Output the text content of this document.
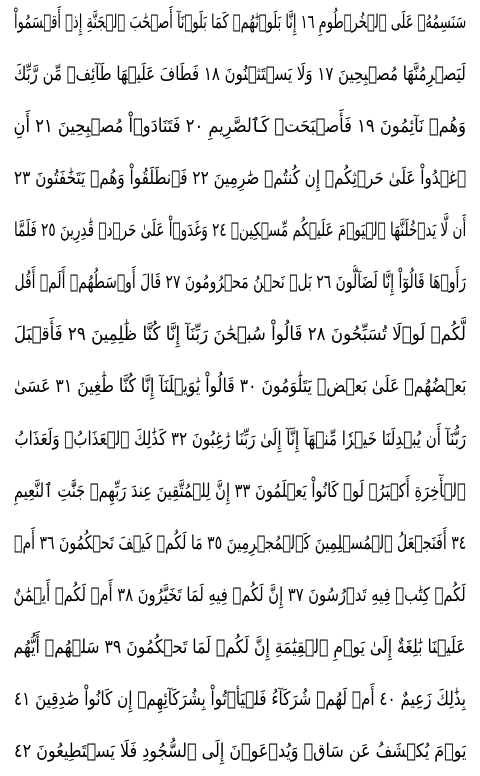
سَنَسِمُهُۥ عَلَى ٱلۡخُرۡطُومِ ١٦ إِنَّا بَلَوۡنَٰهُمۡ كَمَا بَلَوۡنَآ أَصۡحَٰبَ ٱلۡجَنَّةِ إِذۡ أَقۡسَمُواْ
لَيَصۡرِمُنَّهَا مُصۡبِحِينَ ١٧ وَلَا يَسۡتَثۡنُونَ ١٨ فَطَافَ عَلَيۡهَا طَآئِفٞ مِّن رَّبِّكَ
وَهُمۡ نَآئِمُونَ ١٩ فَأَصۡبَحَتۡ كَٱلصَّرِيمِ ٢٠ فَتَنَادَوۡاْ مُصۡبِحِينَ ٢١ أَنِ
ٱغۡدُواْ عَلَىٰ حَرۡثِكُمۡ إِن كُنتُمۡ صَٰرِمِينَ ٢٢ فَٱنطَلَقُواْ وَهُمۡ يَتَخَٰفَتُونَ ٢٣
أَن لَّا يَدۡخُلَنَّهَا ٱلۡيَوۡمَ عَلَيۡكُم مِّسۡكِينٞ ٢٤ وَغَدَوۡاْ عَلَىٰ حَرۡدٖ قَٰدِرِينَ ٢٥ فَلَمَّا
رَأَوۡهَا قَالُوٓاْ إِنَّا لَضَآلُّونَ ٢٦ بَلۡ نَحۡنُ مَحۡرُومُونَ ٢٧ قَالَ أَوۡسَطُهُمۡ أَلَمۡ أَقُل
لَّكُمۡ لَوۡلَا تُسَبِّحُونَ ٢٨ قَالُواْ سُبۡحَٰنَ رَبِّنَآ إِنَّا كُنَّا ظَٰلِمِينَ ٢٩ فَأَقۡبَلَ
بَعۡضُهُمۡ عَلَىٰ بَعۡضٖ يَتَلَٰوَمُونَ ٣٠ قَالُواْ يَٰوَيۡلَنَآ إِنَّا كُنَّا طَٰغِينَ ٣١ عَسَىٰ
رَبُّنَآ أَن يُبۡدِلَنَا خَيۡرٗا مِّنۡهَآ إِنَّآ إِلَىٰ رَبِّنَا رَٰغِبُونَ ٣٢ كَذَٰلِكَ ٱلۡعَذَابُۖ وَلَعَذَابُ
ٱلۡأٓخِرَةِ أَكۡبَرُۚ لَوۡ كَانُواْ يَعۡلَمُونَ ٣٣ إِنَّ لِلۡمُتَّقِينَ عِندَ رَبِّهِمۡ جَنَّٰتِ ٱلنَّعِيمِ
٣٤ أَفَنَجۡعَلُ ٱلۡمُسۡلِمِينَ كَٱلۡمُجۡرِمِينَ ٣٥ مَا لَكُمۡ كَيۡفَ تَحۡكُمُونَ ٣٦ أَمۡ
لَكُمۡ كِتَٰبٞ فِيهِ تَدۡرُسُونَ ٣٧ إِنَّ لَكُمۡ فِيهِ لَمَا تَخَيَّرُونَ ٣٨ أَمۡ لَكُمۡ أَيۡمَٰنٌ
عَلَيۡنَا بَٰلِغَةٌ إِلَىٰ يَوۡمِ ٱلۡقِيَٰمَةِ إِنَّ لَكُمۡ لَمَا تَحۡكُمُونَ ٣٩ سَلۡهُمۡ أَيُّهُم
بِذَٰلِكَ زَعِيمٌ ٤٠ أَمۡ لَهُمۡ شُرَكَآءُ فَلۡيَأۡتُواْ بِشُرَكَآئِهِمۡ إِن كَانُواْ صَٰدِقِينَ ٤١
يَوۡمَ يُكۡشَفُ عَن سَاقٖ وَيُدۡعَوۡنَ إِلَى ٱلسُّجُودِ فَلَا يَسۡتَطِيعُونَ ٤٢
